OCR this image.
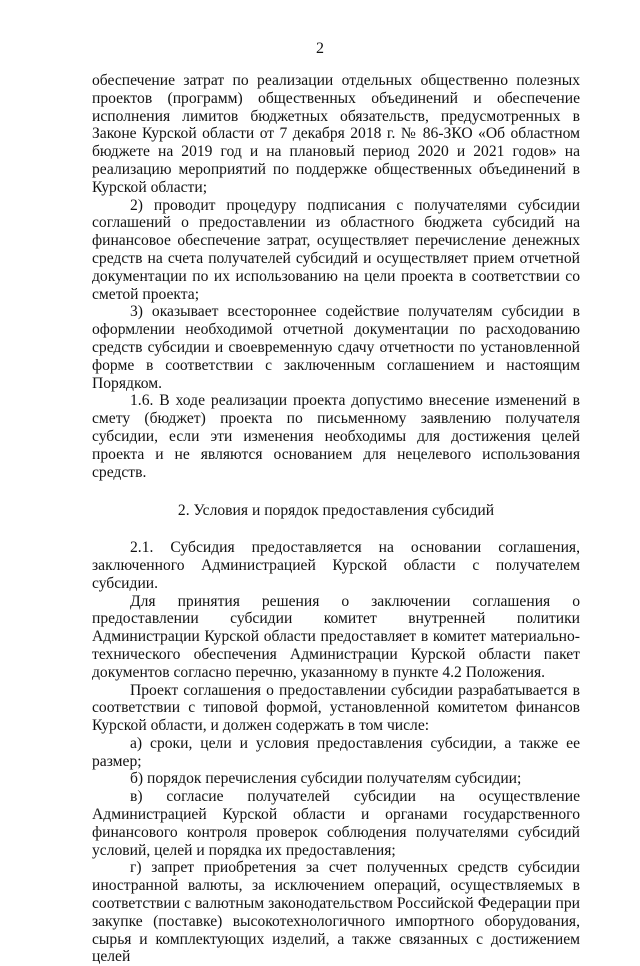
2

обеспечение затрат по реализации отдельных общественно полезных проектов (программ) общественных объединений и обеспечение исполнения лимитов бюджетных обязательств, предусмотренных в Законе Курской области от 7 декабря 2018 г. № 86-ЗКО «Об областном бюджете на 2019 год и на плановый период 2020 и 2021 годов» на реализацию мероприятий по поддержке общественных объединений в Курской области;

2) проводит процедуру подписания с получателями субсидии соглашений о предоставлении из областного бюджета субсидий на финансовое обеспечение затрат, осуществляет перечисление денежных средств на счета получателей субсидий и осуществляет прием отчетной документации по их использованию на цели проекта в соответствии со сметой проекта;

3) оказывает всестороннее содействие получателям субсидии в оформлении необходимой отчетной документации по расходованию средств субсидии и своевременную сдачу отчетности по установленной форме в соответствии с заключенным соглашением и настоящим Порядком.

1.6. В ходе реализации проекта допустимо внесение изменений в смету (бюджет) проекта по письменному заявлению получателя субсидии, если эти изменения необходимы для достижения целей проекта и не являются основанием для нецелевого использования средств.

2. Условия и порядок предоставления субсидий

2.1. Субсидия предоставляется на основании соглашения, заключенного Администрацией Курской области с получателем субсидии.

Для принятия решения о заключении соглашения о предоставлении субсидии комитет внутренней политики Администрации Курской области предоставляет в комитет материально-технического обеспечения Администрации Курской области пакет документов согласно перечню, указанному в пункте 4.2 Положения.

Проект соглашения о предоставлении субсидии разрабатывается в соответствии с типовой формой, установленной комитетом финансов Курской области, и должен содержать в том числе:

а) сроки, цели и условия предоставления субсидии, а также ее размер;

б) порядок перечисления субсидии получателям субсидии;

в) согласие получателей субсидии на осуществление Администрацией Курской области и органами государственного финансового контроля проверок соблюдения получателями субсидий условий, целей и порядка их предоставления;

г) запрет приобретения за счет полученных средств субсидии иностранной валюты, за исключением операций, осуществляемых в соответствии с валютным законодательством Российской Федерации при закупке (поставке) высокотехнологичного импортного оборудования, сырья и комплектующих изделий, а также связанных с достижением целей
